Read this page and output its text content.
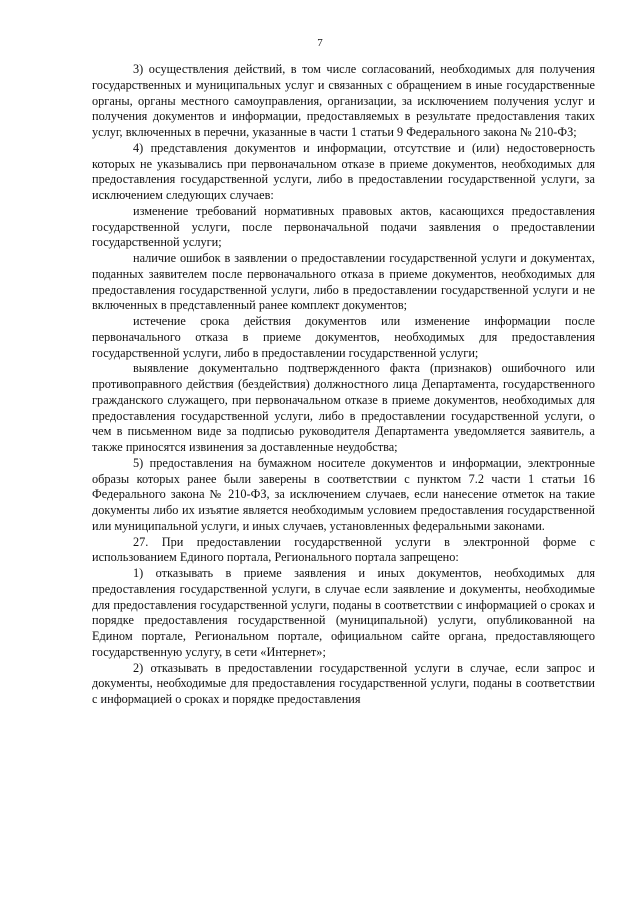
7

3) осуществления действий, в том числе согласований, необходимых для получения государственных и муниципальных услуг и связанных с обращением в иные государственные органы, органы местного самоуправления, организации, за исключением получения услуг и получения документов и информации, предоставляемых в результате предоставления таких услуг, включенных в перечни, указанные в части 1 статьи 9 Федерального закона № 210-ФЗ;

4) представления документов и информации, отсутствие и (или) недостоверность которых не указывались при первоначальном отказе в приеме документов, необходимых для предоставления государственной услуги, либо в предоставлении государственной услуги, за исключением следующих случаев:

изменение требований нормативных правовых актов, касающихся предоставления государственной услуги, после первоначальной подачи заявления о предоставлении государственной услуги;

наличие ошибок в заявлении о предоставлении государственной услуги и документах, поданных заявителем после первоначального отказа в приеме документов, необходимых для предоставления государственной услуги, либо в предоставлении государственной услуги и не включенных в представленный ранее комплект документов;

истечение срока действия документов или изменение информации после первоначального отказа в приеме документов, необходимых для предоставления государственной услуги, либо в предоставлении государственной услуги;

выявление документально подтвержденного факта (признаков) ошибочного или противоправного действия (бездействия) должностного лица Департамента, государственного гражданского служащего, при первоначальном отказе в приеме документов, необходимых для предоставления государственной услуги, либо в предоставлении государственной услуги, о чем в письменном виде за подписью руководителя Департамента уведомляется заявитель, а также приносятся извинения за доставленные неудобства;

5) предоставления на бумажном носителе документов и информации, электронные образы которых ранее были заверены в соответствии с пунктом 7.2 части 1 статьи 16 Федерального закона № 210-ФЗ, за исключением случаев, если нанесение отметок на такие документы либо их изъятие является необходимым условием предоставления государственной или муниципальной услуги, и иных случаев, установленных федеральными законами.

27. При предоставлении государственной услуги в электронной форме с использованием Единого портала, Регионального портала запрещено:

1) отказывать в приеме заявления и иных документов, необходимых для предоставления государственной услуги, в случае если заявление и документы, необходимые для предоставления государственной услуги, поданы в соответствии с информацией о сроках и порядке предоставления государственной (муниципальной) услуги, опубликованной на Едином портале, Региональном портале, официальном сайте органа, предоставляющего государственную услугу, в сети «Интернет»;

2) отказывать в предоставлении государственной услуги в случае, если запрос и документы, необходимые для предоставления государственной услуги, поданы в соответствии с информацией о сроках и порядке предоставления
